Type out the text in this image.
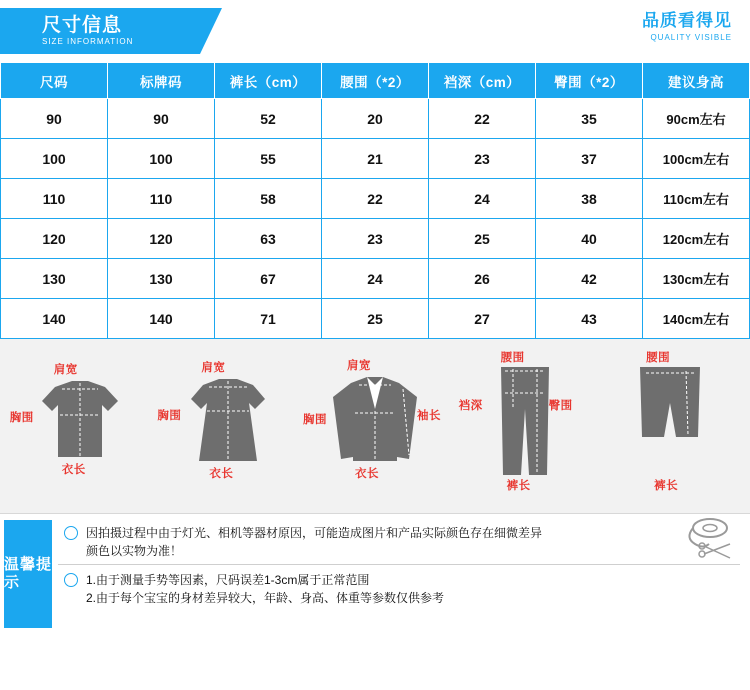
尺寸信息
SIZE INFORMATION
品质看得见
QUALITY VISIBLE
尺码	标牌码	裤长（cm）	腰围（*2）	裆深（cm）	臀围（*2）	建议身高
90	90	52	20	22	35	90cm左右
100	100	55	21	23	37	100cm左右
110	110	58	22	24	38	110cm左右
120	120	63	23	25	40	120cm左右
130	130	67	24	26	42	130cm左右
140	140	71	25	27	43	140cm左右
肩宽
胸围
衣长
肩宽
胸围
衣长
肩宽
胸围	袖长
衣长
腰围
裆深	臀围
裤长
腰围
裤长
温馨提示
因拍摄过程中由于灯光、相机等器材原因，可能造成图片和产品实际颜色存在细微差异
颜色以实物为准！
1.由于测量手势等因素，尺码误差1-3cm属于正常范围
2.由于每个宝宝的身材差异较大，年龄、身高、体重等参数仅供参考
